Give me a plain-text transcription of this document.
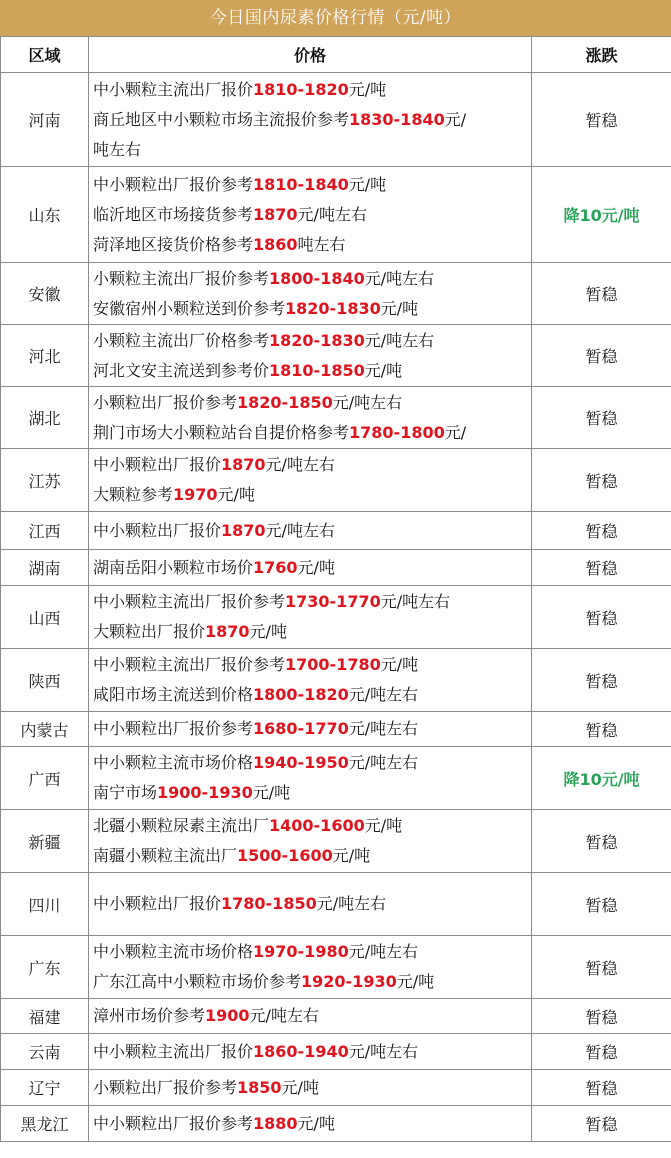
今日国内尿素价格行情（元/吨）
区域	价格	涨跌
河南	中小颗粒主流出厂报价1810-1820元/吨
商丘地区中小颗粒市场主流报价参考1830-1840元/
吨左右	暂稳
山东	中小颗粒出厂报价参考1810-1840元/吨
临沂地区市场接货参考1870元/吨左右
菏泽地区接货价格参考1860吨左右	降10元/吨
安徽	小颗粒主流出厂报价参考1800-1840元/吨左右
安徽宿州小颗粒送到价参考1820-1830元/吨	暂稳
河北	小颗粒主流出厂价格参考1820-1830元/吨左右
河北文安主流送到参考价1810-1850元/吨	暂稳
湖北	小颗粒出厂报价参考1820-1850元/吨左右
荆门市场大小颗粒站台自提价格参考1780-1800元/	暂稳
江苏	中小颗粒出厂报价1870元/吨左右
大颗粒参考1970元/吨	暂稳
江西	中小颗粒出厂报价1870元/吨左右	暂稳
湖南	湖南岳阳小颗粒市场价1760元/吨	暂稳
山西	中小颗粒主流出厂报价参考1730-1770元/吨左右
大颗粒出厂报价1870元/吨	暂稳
陕西	中小颗粒主流出厂报价参考1700-1780元/吨
咸阳市场主流送到价格1800-1820元/吨左右	暂稳
内蒙古	中小颗粒出厂报价参考1680-1770元/吨左右	暂稳
广西	中小颗粒主流市场价格1940-1950元/吨左右
南宁市场1900-1930元/吨	降10元/吨
新疆	北疆小颗粒尿素主流出厂1400-1600元/吨
南疆小颗粒主流出厂1500-1600元/吨	暂稳
四川	中小颗粒出厂报价1780-1850元/吨左右	暂稳
广东	中小颗粒主流市场价格1970-1980元/吨左右
广东江高中小颗粒市场价参考1920-1930元/吨	暂稳
福建	漳州市场价参考1900元/吨左右	暂稳
云南	中小颗粒主流出厂报价1860-1940元/吨左右	暂稳
辽宁	小颗粒出厂报价参考1850元/吨	暂稳
黑龙江	中小颗粒出厂报价参考1880元/吨	暂稳
